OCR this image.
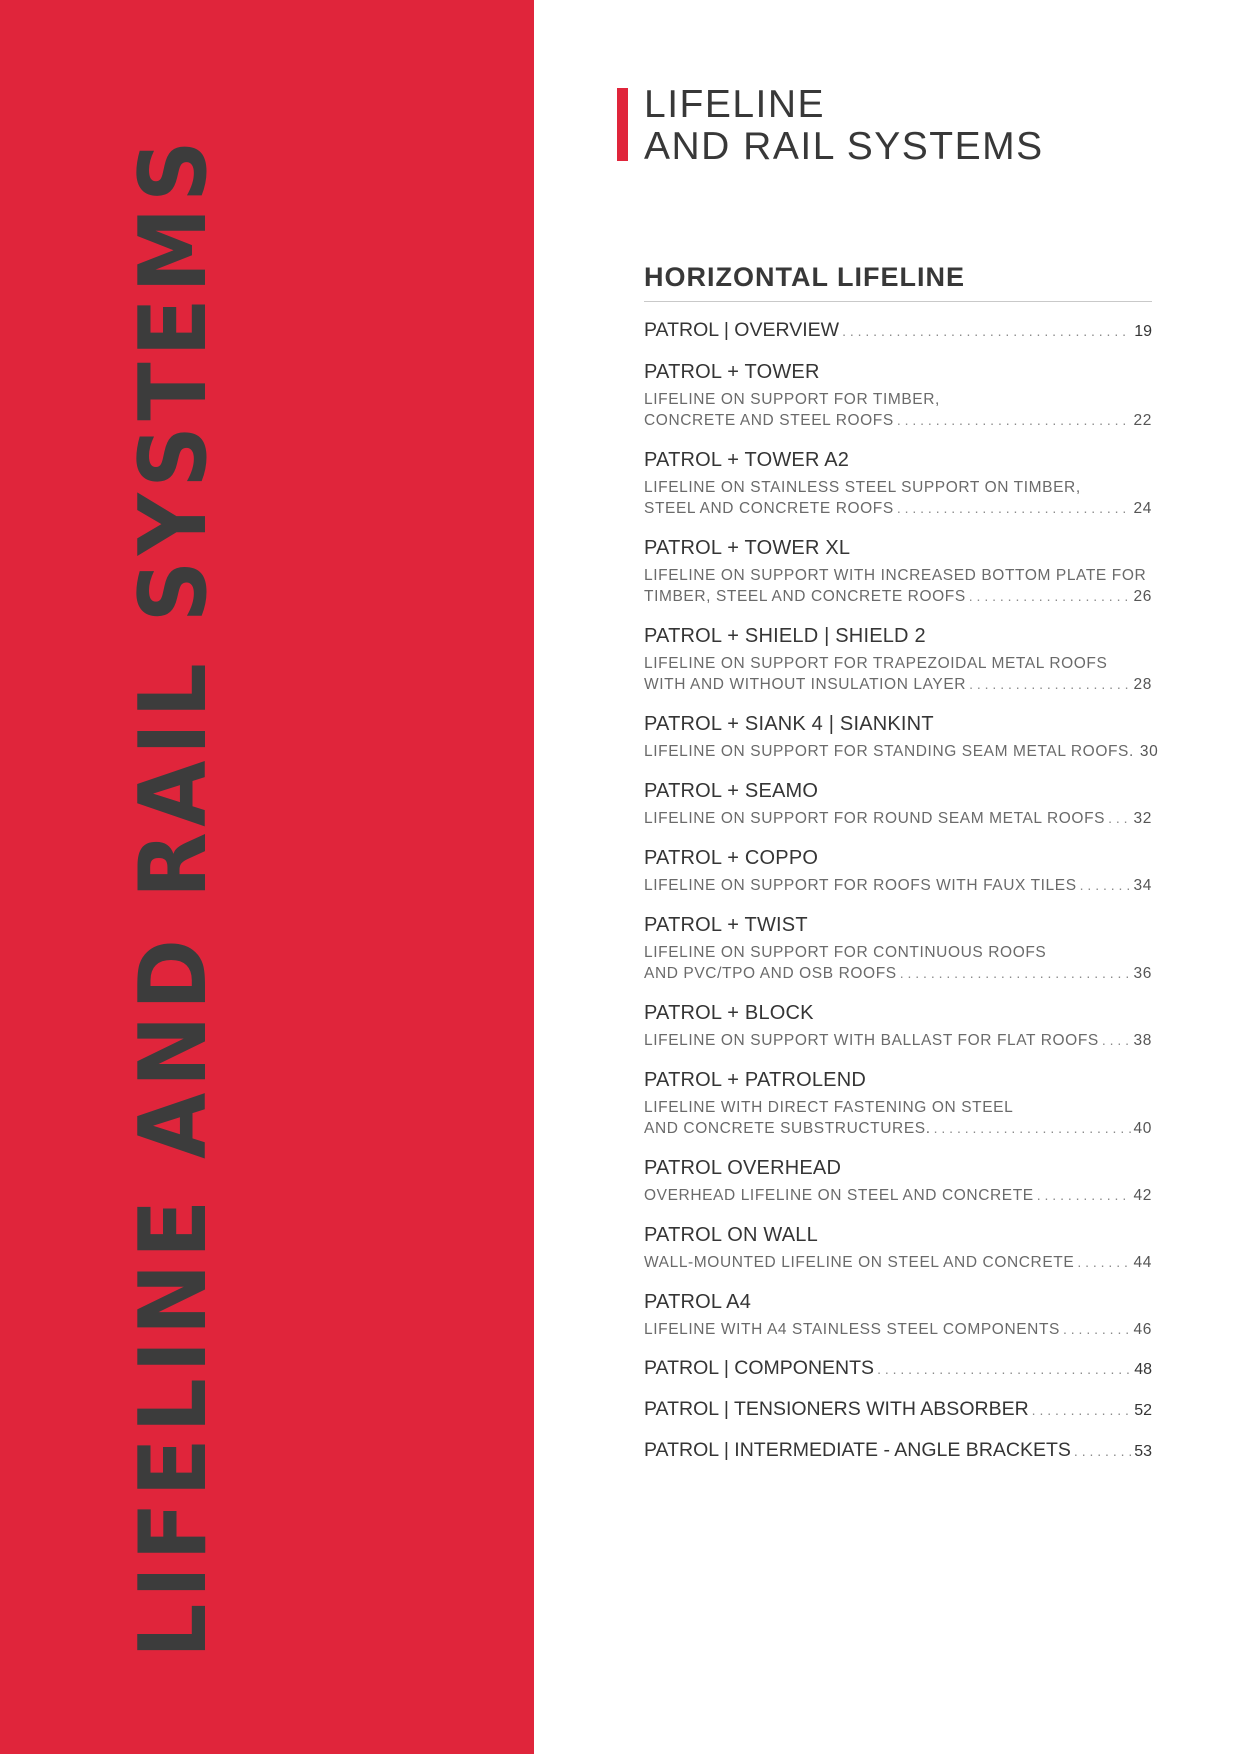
LIFELINE AND RAIL SYSTEMS
LIFELINE
AND RAIL SYSTEMS
HORIZONTAL LIFELINE
PATROL | OVERVIEW . . .	19
PATROL + TOWER
LIFELINE ON SUPPORT FOR TIMBER,
CONCRETE AND STEEL ROOFS . . .	22
PATROL + TOWER A2
LIFELINE ON STAINLESS STEEL SUPPORT ON TIMBER,
STEEL AND CONCRETE ROOFS . . .	24
PATROL + TOWER XL
LIFELINE ON SUPPORT WITH INCREASED BOTTOM PLATE FOR
TIMBER, STEEL AND CONCRETE ROOFS . . .	26
PATROL + SHIELD | SHIELD 2
LIFELINE ON SUPPORT FOR TRAPEZOIDAL METAL ROOFS
WITH AND WITHOUT INSULATION LAYER . . .	28
PATROL + SIANK 4 | SIANKINT
LIFELINE ON SUPPORT FOR STANDING SEAM METAL ROOFS. 30
PATROL + SEAMO
LIFELINE ON SUPPORT FOR ROUND SEAM METAL ROOFS . . . 32
PATROL + COPPO
LIFELINE ON SUPPORT FOR ROOFS WITH FAUX TILES . . .	34
PATROL + TWIST
LIFELINE ON SUPPORT FOR CONTINUOUS ROOFS
AND PVC/TPO AND OSB ROOFS . . .	36
PATROL + BLOCK
LIFELINE ON SUPPORT WITH BALLAST FOR FLAT ROOFS . . . 38
PATROL + PATROLEND
LIFELINE WITH DIRECT FASTENING ON STEEL
AND CONCRETE SUBSTRUCTURES. . . .	40
PATROL OVERHEAD
OVERHEAD LIFELINE ON STEEL AND CONCRETE . . .	42
PATROL ON WALL
WALL-MOUNTED LIFELINE ON STEEL AND CONCRETE . . .	44
PATROL A4
LIFELINE WITH A4 STAINLESS STEEL COMPONENTS . . .	46
PATROL | COMPONENTS . . .	48
PATROL | TENSIONERS WITH ABSORBER . . .	52
PATROL | INTERMEDIATE - ANGLE BRACKETS . . .	53
